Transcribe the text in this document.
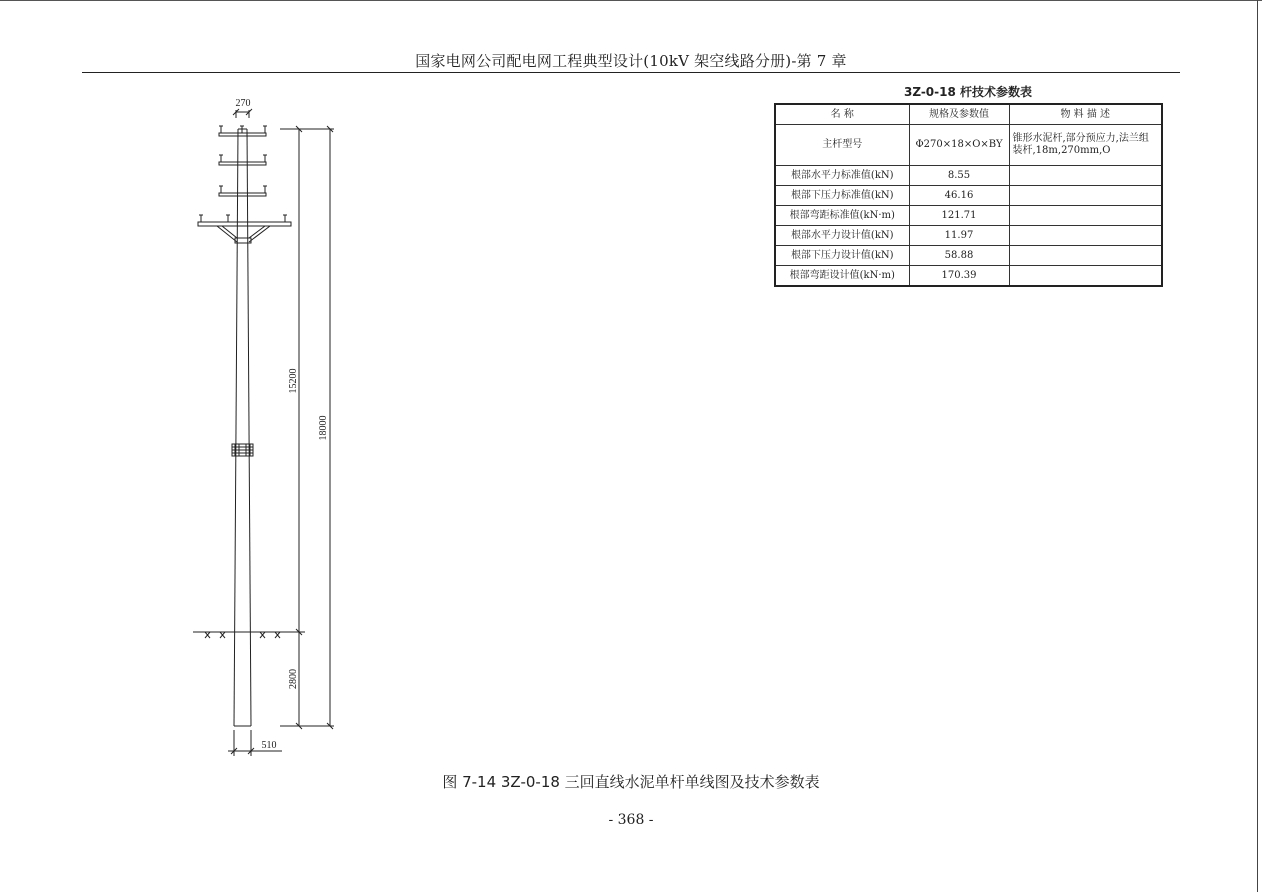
国家电网公司配电网工程典型设计(10kV 架空线路分册)-第 7 章
270
15200
18000
2800
510
3Z-0-18 杆技术参数表
名 称	规格及参数值	物 料 描 述
主杆型号	Φ270×18×O×BY	锥形水泥杆,部分预应力,法兰组装杆,18m,270mm,O
根部水平力标准值(kN)	8.55	
根部下压力标准值(kN)	46.16	
根部弯距标准值(kN·m)	121.71	
根部水平力设计值(kN)	11.97	
根部下压力设计值(kN)	58.88	
根部弯距设计值(kN·m)	170.39	
图 7-14 3Z-0-18 三回直线水泥单杆单线图及技术参数表
- 368 -
